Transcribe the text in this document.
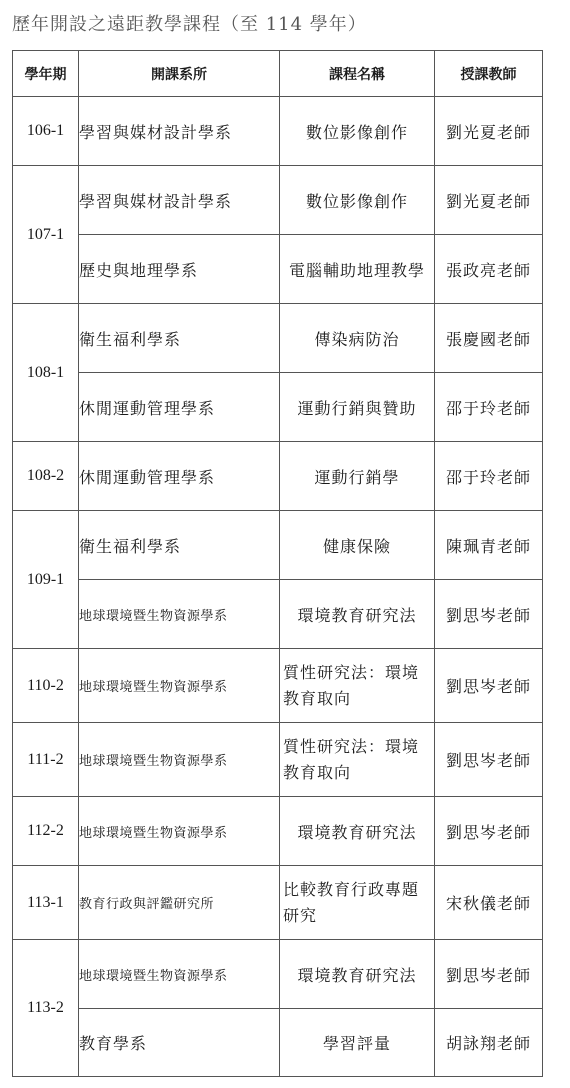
歷年開設之遠距教學課程（至 114 學年）
學年期	開課系所	課程名稱	授課教師
106-1	學習與媒材設計學系	數位影像創作	劉光夏老師
107-1	學習與媒材設計學系	數位影像創作	劉光夏老師
	歷史與地理學系	電腦輔助地理教學	張政亮老師
108-1	衛生福利學系	傳染病防治	張慶國老師
	休閒運動管理學系	運動行銷與贊助	邵于玲老師
108-2	休閒運動管理學系	運動行銷學	邵于玲老師
109-1	衛生福利學系	健康保險	陳珮青老師
	地球環境暨生物資源學系	環境教育研究法	劉思岑老師
110-2	地球環境暨生物資源學系	質性研究法：環境教育取向	劉思岑老師
111-2	地球環境暨生物資源學系	質性研究法：環境教育取向	劉思岑老師
112-2	地球環境暨生物資源學系	環境教育研究法	劉思岑老師
113-1	教育行政與評鑑研究所	比較教育行政專題研究	宋秋儀老師
113-2	地球環境暨生物資源學系	環境教育研究法	劉思岑老師
	教育學系	學習評量	胡詠翔老師
